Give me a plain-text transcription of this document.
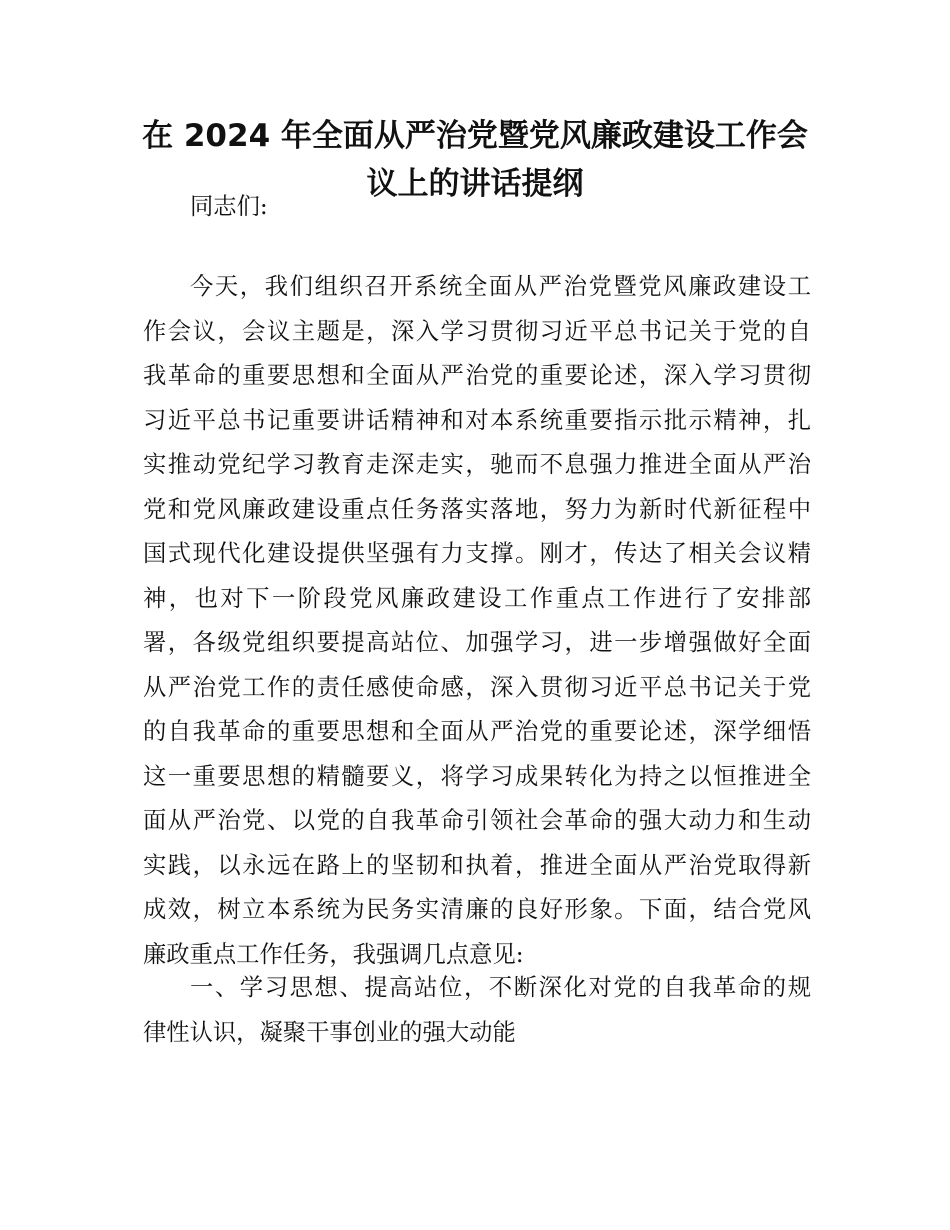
在 2024 年全面从严治党暨党风廉政建设工作会
议上的讲话提纲
同志们:
今天，我们组织召开系统全面从严治党暨党风廉政建设工
作会议，会议主题是，深入学习贯彻习近平总书记关于党的自
我革命的重要思想和全面从严治党的重要论述，深入学习贯彻
习近平总书记重要讲话精神和对本系统重要指示批示精神，扎
实推动党纪学习教育走深走实，驰而不息强力推进全面从严治
党和党风廉政建设重点任务落实落地，努力为新时代新征程中
国式现代化建设提供坚强有力支撑。刚才，传达了相关会议精
神，也对下一阶段党风廉政建设工作重点工作进行了安排部
署，各级党组织要提高站位、加强学习，进一步增强做好全面
从严治党工作的责任感使命感，深入贯彻习近平总书记关于党
的自我革命的重要思想和全面从严治党的重要论述，深学细悟
这一重要思想的精髓要义，将学习成果转化为持之以恒推进全
面从严治党、以党的自我革命引领社会革命的强大动力和生动
实践，以永远在路上的坚韧和执着，推进全面从严治党取得新
成效，树立本系统为民务实清廉的良好形象。下面，结合党风
廉政重点工作任务，我强调几点意见:
一、学习思想、提高站位，不断深化对党的自我革命的规
律性认识，凝聚干事创业的强大动能
